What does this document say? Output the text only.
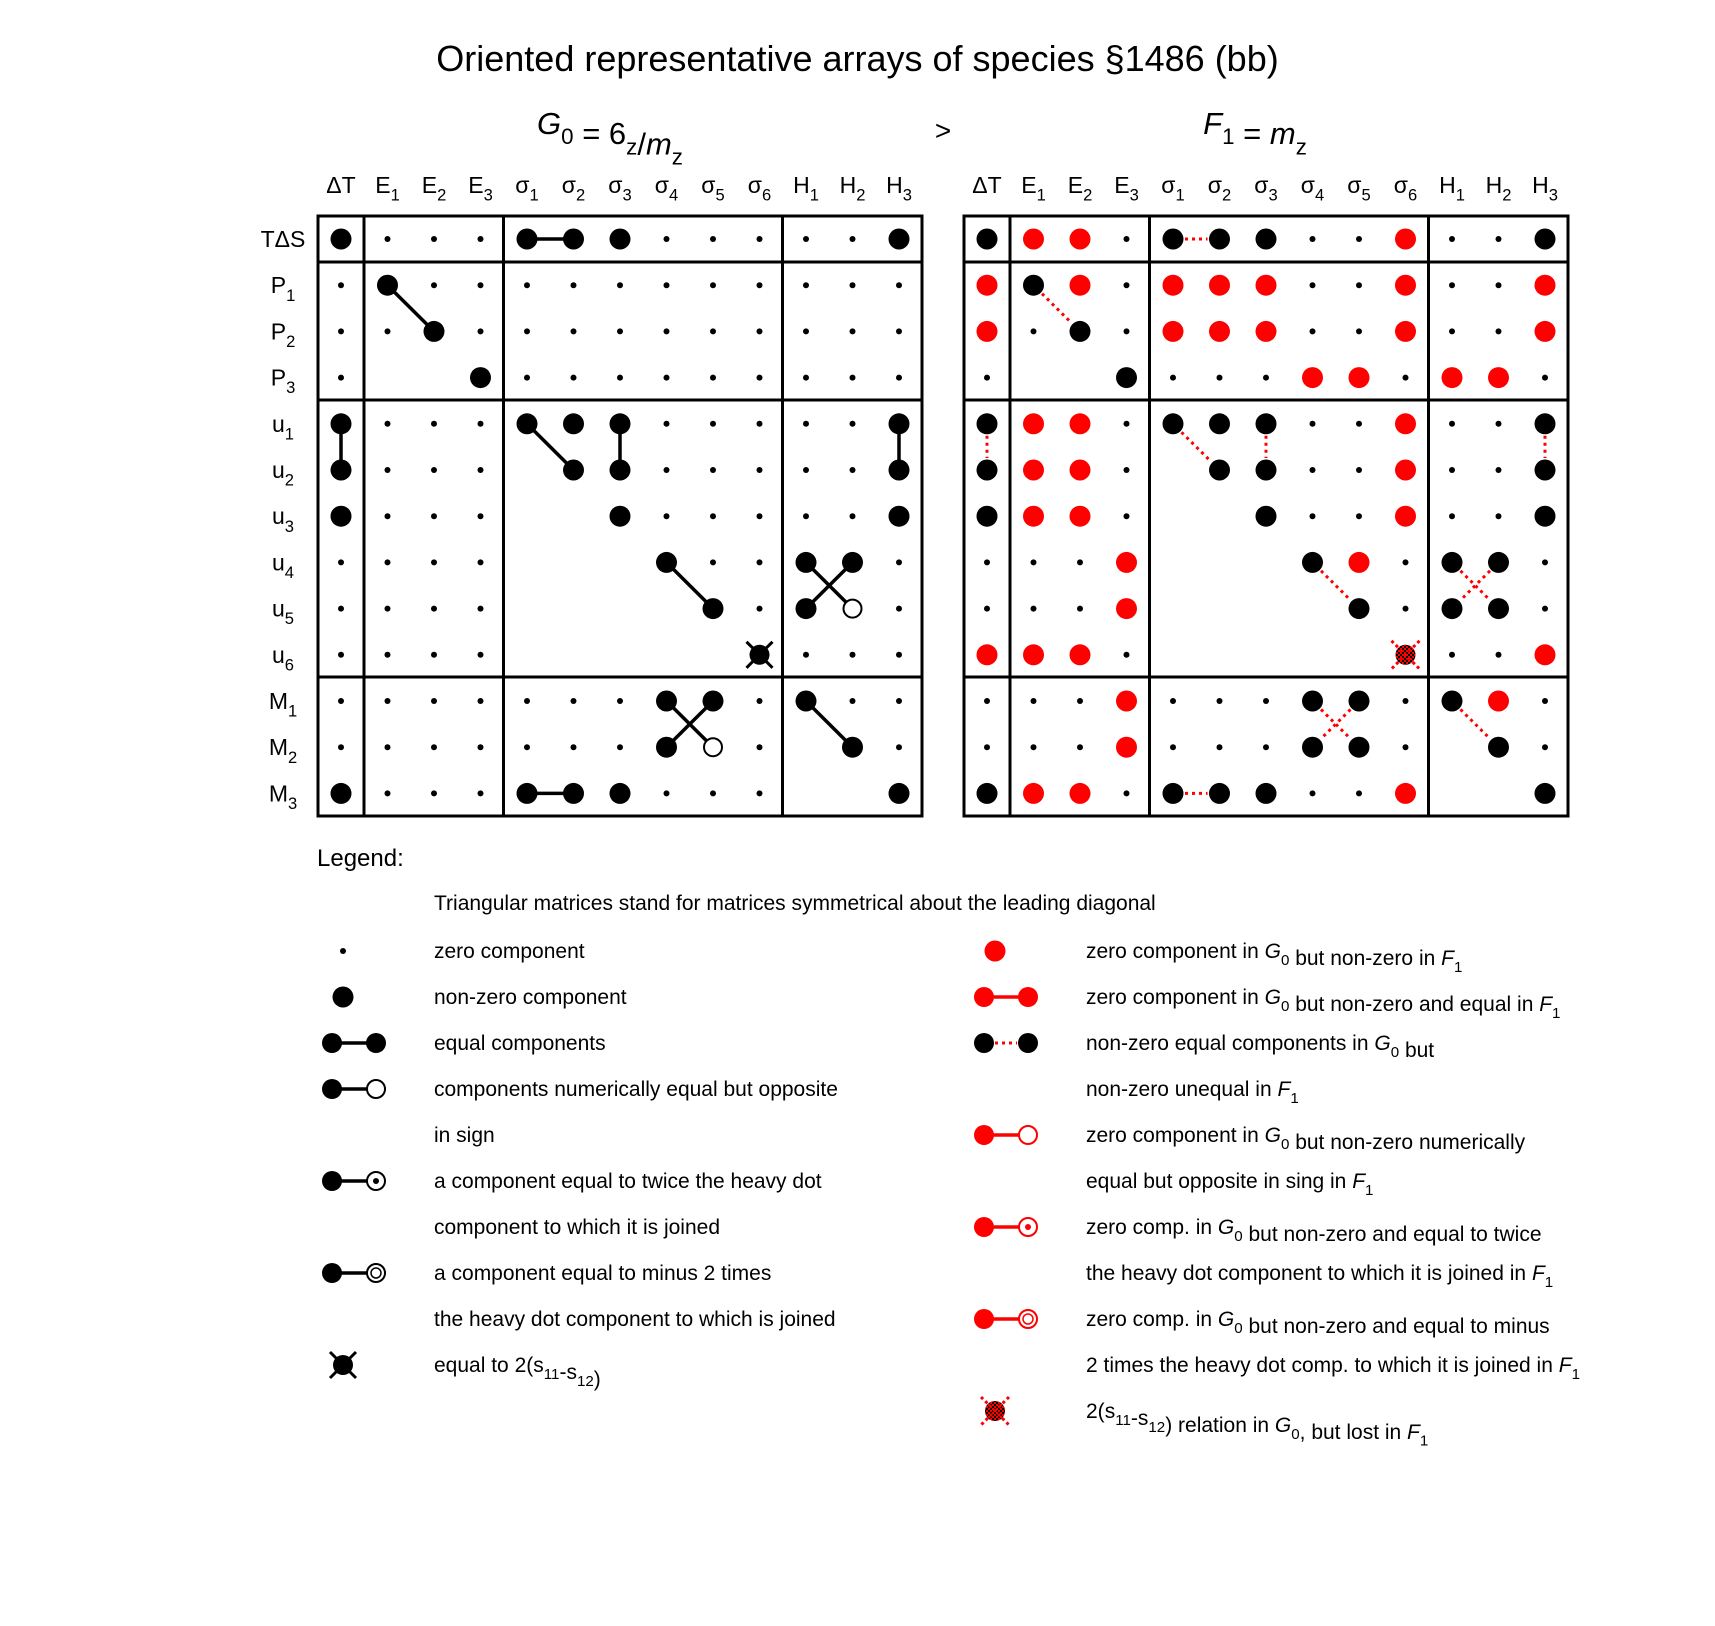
Oriented representative arrays of species §1486 (bb)
Legend:
Triangular matrices stand for matrices symmetrical about the leading diagonal
$G_0 = 6_z/m_z$
$F_1 = m_z$
>
ΔT $E_1$ $E_2$ $E_3$ $\sigma_1$ $\sigma_2$ $\sigma_3$ $\sigma_4$ $\sigma_5$ $\sigma_6$ $H_1$ $H_2$ $H_3$	ΔT $E_1$ $E_2$ $E_3$ $\sigma_1$ $\sigma_2$ $\sigma_3$ $\sigma_4$ $\sigma_5$ $\sigma_6$ $H_1$ $H_2$ $H_3$
TΔS
$P_1$
$P_2$
$P_3$
$u_1$
$u_2$
$u_3$
$u_4$
$u_5$
$u_6$
$M_1$
$M_2$
$M_3$
zero component
non-zero component
equal components
components numerically equal but opposite
in sign
a component equal to twice the heavy dot
component to which it is joined
a component equal to minus 2 times
the heavy dot component to which is joined
equal to $2(s_{11}-s_{12})$
zero component in $G_0$ but non-zero in $F_1$
zero component in $G_0$ but non-zero and equal in $F_1$
non-zero equal components in $G_0$ but
non-zero unequal in $F_1$
zero component in $G_0$ but non-zero numerically
equal but opposite in sing in $F_1$
zero comp. in $G_0$ but non-zero and equal to twice
the heavy dot component to which it is joined in $F_1$
zero comp. in $G_0$ but non-zero and equal to minus
2 times the heavy dot comp. to which it is joined in $F_1$
$2(s_{11}-s_{12})$ relation in $G_0$, but lost in $F_1$
